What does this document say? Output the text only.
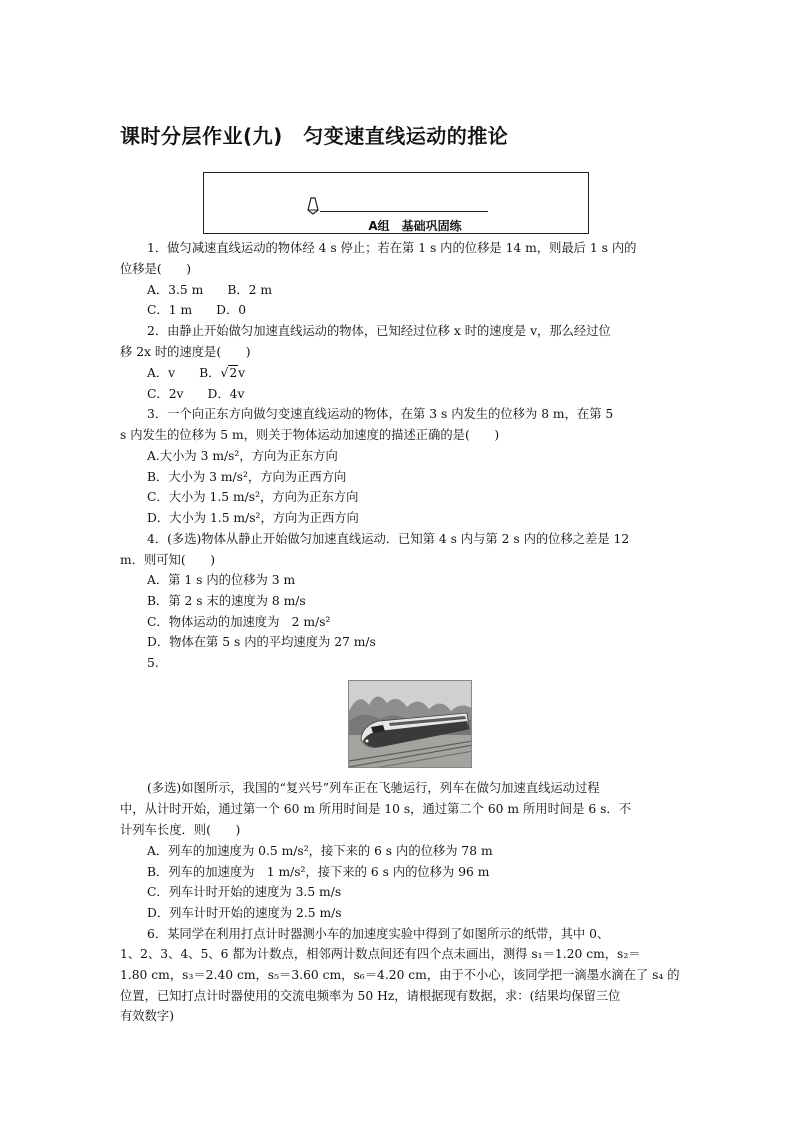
课时分层作业(九)　匀变速直线运动的推论
A组　基础巩固练
1．做匀减速直线运动的物体经 4 s 停止；若在第 1 s 内的位移是 14 m，则最后 1 s 内的
位移是(　　)
A．3.5 m B．2 m
C．1 m D．0
2．由静止开始做匀加速直线运动的物体，已知经过位移 x 时的速度是 v，那么经过位
移 2x 时的速度是(　　)
A．v B．√2v
C．2v D．4v
3．一个向正东方向做匀变速直线运动的物体，在第 3 s 内发生的位移为 8 m，在第 5
s 内发生的位移为 5 m，则关于物体运动加速度的描述正确的是(　　)
A.大小为 3 m/s²，方向为正东方向
B．大小为 3 m/s²，方向为正西方向
C．大小为 1.5 m/s²，方向为正东方向
D．大小为 1.5 m/s²，方向为正西方向
4．(多选)物体从静止开始做匀加速直线运动．已知第 4 s 内与第 2 s 内的位移之差是 12
m．则可知(　　)
A．第 1 s 内的位移为 3 m
B．第 2 s 末的速度为 8 m/s
C．物体运动的加速度为　2 m/s²
D．物体在第 5 s 内的平均速度为 27 m/s
5.
(多选)如图所示，我国的“复兴号”列车正在飞驰运行，列车在做匀加速直线运动过程
中，从计时开始，通过第一个 60 m 所用时间是 10 s，通过第二个 60 m 所用时间是 6 s．不
计列车长度．则(　　)
A．列车的加速度为 0.5 m/s²，接下来的 6 s 内的位移为 78 m
B．列车的加速度为　1 m/s²，接下来的 6 s 内的位移为 96 m
C．列车计时开始的速度为 3.5 m/s
D．列车计时开始的速度为 2.5 m/s
6．某同学在利用打点计时器测小车的加速度实验中得到了如图所示的纸带，其中 0、
1、2、3、4、5、6 都为计数点，相邻两计数点间还有四个点未画出，测得 s₁＝1.20 cm，s₂＝
1.80 cm，s₃＝2.40 cm，s₅＝3.60 cm，s₆＝4.20 cm，由于不小心，该同学把一滴墨水滴在了 s₄ 的
位置，已知打点计时器使用的交流电频率为 50 Hz，请根据现有数据，求：(结果均保留三位
有效数字)
